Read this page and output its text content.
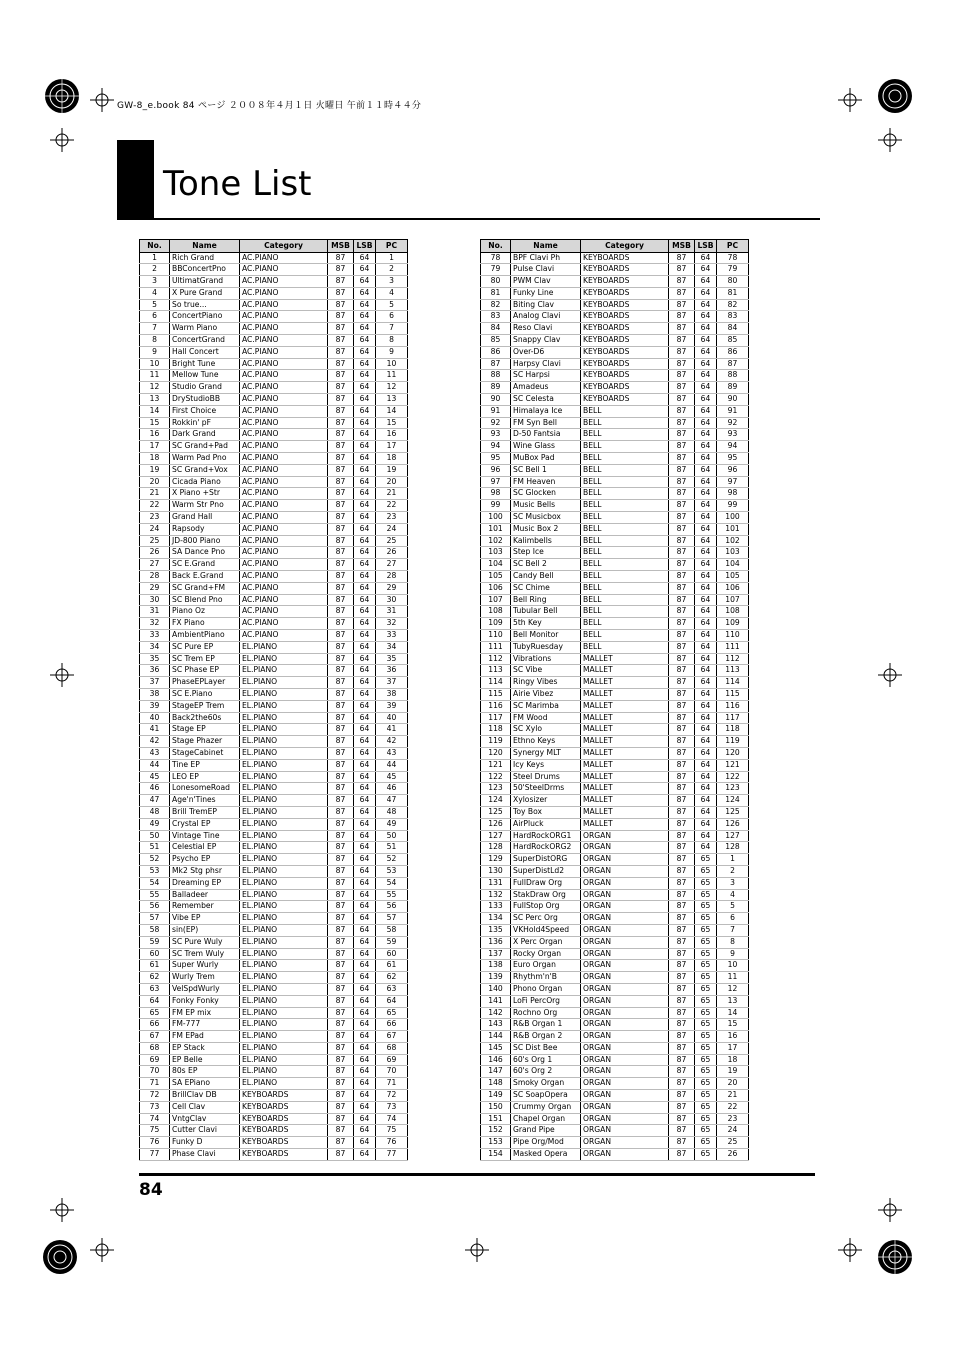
GW-8_e.book 84 ページ ２００８年４月１日 火曜日 午前１１時４４分
Tone List
No.	Name	Category	MSB	LSB	PC
1	Rich Grand	AC.PIANO	87	64	1
2	BBConcertPno	AC.PIANO	87	64	2
3	UltimatGrand	AC.PIANO	87	64	3
4	X Pure Grand	AC.PIANO	87	64	4
5	So true...	AC.PIANO	87	64	5
6	ConcertPiano	AC.PIANO	87	64	6
7	Warm Piano	AC.PIANO	87	64	7
8	ConcertGrand	AC.PIANO	87	64	8
9	Hall Concert	AC.PIANO	87	64	9
10	Bright Tune	AC.PIANO	87	64	10
11	Mellow Tune	AC.PIANO	87	64	11
12	Studio Grand	AC.PIANO	87	64	12
13	DryStudioBB	AC.PIANO	87	64	13
14	First Choice	AC.PIANO	87	64	14
15	Rokkin' pF	AC.PIANO	87	64	15
16	Dark Grand	AC.PIANO	87	64	16
17	SC Grand+Pad	AC.PIANO	87	64	17
18	Warm Pad Pno	AC.PIANO	87	64	18
19	SC Grand+Vox	AC.PIANO	87	64	19
20	Cicada Piano	AC.PIANO	87	64	20
21	X Piano +Str	AC.PIANO	87	64	21
22	Warm Str Pno	AC.PIANO	87	64	22
23	Grand Hall	AC.PIANO	87	64	23
24	Rapsody	AC.PIANO	87	64	24
25	JD-800 Piano	AC.PIANO	87	64	25
26	SA Dance Pno	AC.PIANO	87	64	26
27	SC E.Grand	AC.PIANO	87	64	27
28	Back E.Grand	AC.PIANO	87	64	28
29	SC Grand+FM	AC.PIANO	87	64	29
30	SC Blend Pno	AC.PIANO	87	64	30
31	Piano Oz	AC.PIANO	87	64	31
32	FX Piano	AC.PIANO	87	64	32
33	AmbientPiano	AC.PIANO	87	64	33
34	SC Pure EP	EL.PIANO	87	64	34
35	SC Trem EP	EL.PIANO	87	64	35
36	SC Phase EP	EL.PIANO	87	64	36
37	PhaseEPLayer	EL.PIANO	87	64	37
38	SC E.Piano	EL.PIANO	87	64	38
39	StageEP Trem	EL.PIANO	87	64	39
40	Back2the60s	EL.PIANO	87	64	40
41	Stage EP	EL.PIANO	87	64	41
42	Stage Phazer	EL.PIANO	87	64	42
43	StageCabinet	EL.PIANO	87	64	43
44	Tine EP	EL.PIANO	87	64	44
45	LEO EP	EL.PIANO	87	64	45
46	LonesomeRoad	EL.PIANO	87	64	46
47	Age'n'Tines	EL.PIANO	87	64	47
48	Brill TremEP	EL.PIANO	87	64	48
49	Crystal EP	EL.PIANO	87	64	49
50	Vintage Tine	EL.PIANO	87	64	50
51	Celestial EP	EL.PIANO	87	64	51
52	Psycho EP	EL.PIANO	87	64	52
53	Mk2 Stg phsr	EL.PIANO	87	64	53
54	Dreaming EP	EL.PIANO	87	64	54
55	Balladeer	EL.PIANO	87	64	55
56	Remember	EL.PIANO	87	64	56
57	Vibe EP	EL.PIANO	87	64	57
58	sin(EP)	EL.PIANO	87	64	58
59	SC Pure Wuly	EL.PIANO	87	64	59
60	SC Trem Wuly	EL.PIANO	87	64	60
61	Super Wurly	EL.PIANO	87	64	61
62	Wurly Trem	EL.PIANO	87	64	62
63	VelSpdWurly	EL.PIANO	87	64	63
64	Fonky Fonky	EL.PIANO	87	64	64
65	FM EP mix	EL.PIANO	87	64	65
66	FM-777	EL.PIANO	87	64	66
67	FM EPad	EL.PIANO	87	64	67
68	EP Stack	EL.PIANO	87	64	68
69	EP Belle	EL.PIANO	87	64	69
70	80s EP	EL.PIANO	87	64	70
71	SA EPiano	EL.PIANO	87	64	71
72	BrillClav DB	KEYBOARDS	87	64	72
73	Cell Clav	KEYBOARDS	87	64	73
74	VntgClav	KEYBOARDS	87	64	74
75	Cutter Clavi	KEYBOARDS	87	64	75
76	Funky D	KEYBOARDS	87	64	76
77	Phase Clavi	KEYBOARDS	87	64	77
No.	Name	Category	MSB	LSB	PC
78	BPF Clavi Ph	KEYBOARDS	87	64	78
79	Pulse Clavi	KEYBOARDS	87	64	79
80	PWM Clav	KEYBOARDS	87	64	80
81	Funky Line	KEYBOARDS	87	64	81
82	Biting Clav	KEYBOARDS	87	64	82
83	Analog Clavi	KEYBOARDS	87	64	83
84	Reso Clavi	KEYBOARDS	87	64	84
85	Snappy Clav	KEYBOARDS	87	64	85
86	Over-D6	KEYBOARDS	87	64	86
87	Harpsy Clavi	KEYBOARDS	87	64	87
88	SC Harpsi	KEYBOARDS	87	64	88
89	Amadeus	KEYBOARDS	87	64	89
90	SC Celesta	KEYBOARDS	87	64	90
91	Himalaya Ice	BELL	87	64	91
92	FM Syn Bell	BELL	87	64	92
93	D-50 Fantsia	BELL	87	64	93
94	Wine Glass	BELL	87	64	94
95	MuBox Pad	BELL	87	64	95
96	SC Bell 1	BELL	87	64	96
97	FM Heaven	BELL	87	64	97
98	SC Glocken	BELL	87	64	98
99	Music Bells	BELL	87	64	99
100	SC Musicbox	BELL	87	64	100
101	Music Box 2	BELL	87	64	101
102	Kalimbells	BELL	87	64	102
103	Step Ice	BELL	87	64	103
104	SC Bell 2	BELL	87	64	104
105	Candy Bell	BELL	87	64	105
106	SC Chime	BELL	87	64	106
107	Bell Ring	BELL	87	64	107
108	Tubular Bell	BELL	87	64	108
109	5th Key	BELL	87	64	109
110	Bell Monitor	BELL	87	64	110
111	TubyRuesday	BELL	87	64	111
112	Vibrations	MALLET	87	64	112
113	SC Vibe	MALLET	87	64	113
114	Ringy Vibes	MALLET	87	64	114
115	Airie Vibez	MALLET	87	64	115
116	SC Marimba	MALLET	87	64	116
117	FM Wood	MALLET	87	64	117
118	SC Xylo	MALLET	87	64	118
119	Ethno Keys	MALLET	87	64	119
120	Synergy MLT	MALLET	87	64	120
121	Icy Keys	MALLET	87	64	121
122	Steel Drums	MALLET	87	64	122
123	50'SteelDrms	MALLET	87	64	123
124	Xylosizer	MALLET	87	64	124
125	Toy Box	MALLET	87	64	125
126	AirPluck	MALLET	87	64	126
127	HardRockORG1	ORGAN	87	64	127
128	HardRockORG2	ORGAN	87	64	128
129	SuperDistORG	ORGAN	87	65	1
130	SuperDistLd2	ORGAN	87	65	2
131	FullDraw Org	ORGAN	87	65	3
132	StakDraw Org	ORGAN	87	65	4
133	FullStop Org	ORGAN	87	65	5
134	SC Perc Org	ORGAN	87	65	6
135	VKHold4Speed	ORGAN	87	65	7
136	X Perc Organ	ORGAN	87	65	8
137	Rocky Organ	ORGAN	87	65	9
138	Euro Organ	ORGAN	87	65	10
139	Rhythm'n'B	ORGAN	87	65	11
140	Phono Organ	ORGAN	87	65	12
141	LoFi PercOrg	ORGAN	87	65	13
142	Rochno Org	ORGAN	87	65	14
143	R&B Organ 1	ORGAN	87	65	15
144	R&B Organ 2	ORGAN	87	65	16
145	SC Dist Bee	ORGAN	87	65	17
146	60's Org 1	ORGAN	87	65	18
147	60's Org 2	ORGAN	87	65	19
148	Smoky Organ	ORGAN	87	65	20
149	SC SoapOpera	ORGAN	87	65	21
150	Crummy Organ	ORGAN	87	65	22
151	Chapel Organ	ORGAN	87	65	23
152	Grand Pipe	ORGAN	87	65	24
153	Pipe Org/Mod	ORGAN	87	65	25
154	Masked Opera	ORGAN	87	65	26
84
